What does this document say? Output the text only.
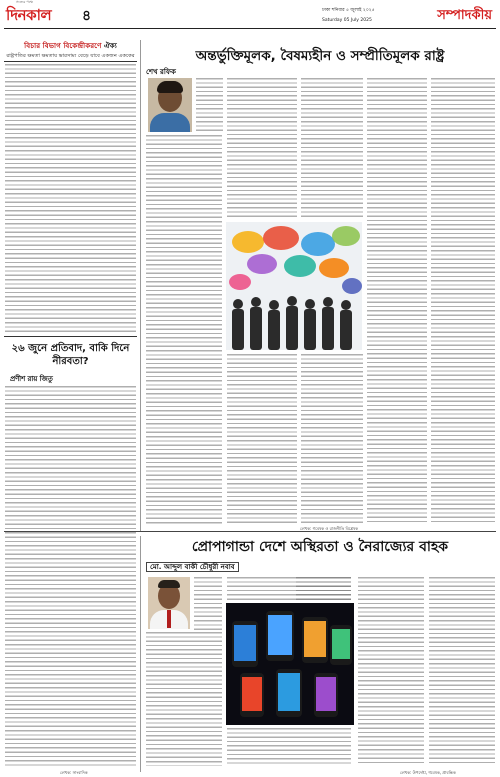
দিনকাল ৪	ঢাকা শনিবার ৫ জুলাই ২০২৫
Saturday 05 July 2025	সম্পাদকীয়
সত্যের পক্ষে
বিচার বিভাগ বিকেন্দ্রীকরণে ঐক্য
রাষ্ট্রপতির ক্ষমতা ক্ষমতায় ভারসাম্য বেড়ে যাবে একজন এককের
২৬ জুনে প্রতিবাদ, বাকি দিনে নীরবতা?
প্রণীশ রায় জিতু
লেখক: সাংবাদিক
অন্তর্ভুক্তিমূলক, বৈষম্যহীন ও সম্প্রীতিমূলক রাষ্ট্র
শেখ রফিক
লেখক: গবেষক ও রাজনীতি বিশ্লেষক
প্রোপাগান্ডা দেশে অস্থিরতা ও নৈরাজ্যের বাহক
মো. আব্দুল বাকী চৌধুরী নবাব
লেখক: উপদেষ্টা, গবেষক, প্রাবন্ধিক
